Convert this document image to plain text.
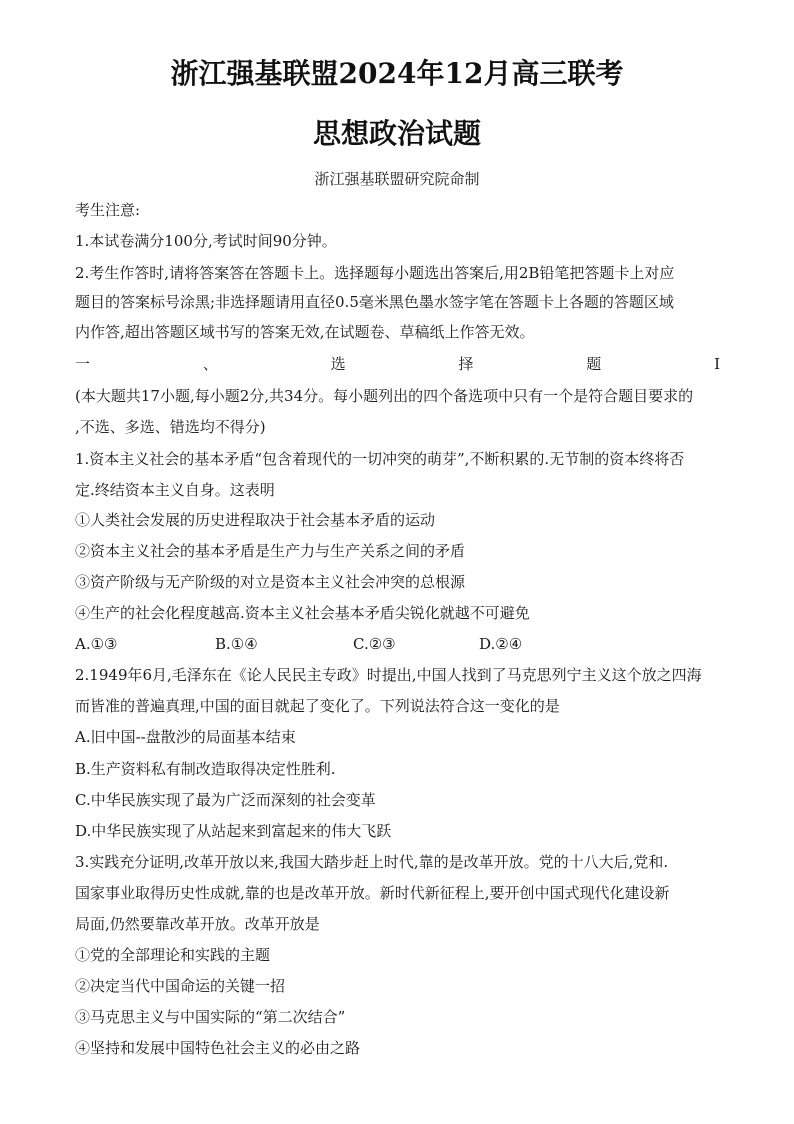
浙江强基联盟2024年12月高三联考
思想政治试题
浙江强基联盟研究院命制
考生注意:
1.本试卷满分100分,考试时间90分钟。
2.考生作答时,请将答案答在答题卡上。选择题每小题选出答案后,用2B铅笔把答题卡上对应
题目的答案标号涂黑;非选择题请用直径0.5毫米黑色墨水签字笔在答题卡上各题的答题区域
内作答,超出答题区域书写的答案无效,在试题卷、草稿纸上作答无效。
一	、	选	择	题	I
(本大题共17小题,每小题2分,共34分。每小题列出的四个备选项中只有一个是符合题目要求的
,不选、多选、错选均不得分)
1.资本主义社会的基本矛盾“包含着现代的一切冲突的萌芽”,不断积累的.无节制的资本终将否
定.终结资本主义自身。这表明
①人类社会发展的历史进程取决于社会基本矛盾的运动
②资本主义社会的基本矛盾是生产力与生产关系之间的矛盾
③资产阶级与无产阶级的对立是资本主义社会冲突的总根源
④生产的社会化程度越高.资本主义社会基本矛盾尖锐化就越不可避免
A.①③	B.①④	C.②③	D.②④
2.1949年6月,毛泽东在《论人民民主专政》时提出,中国人找到了马克思列宁主义这个放之四海
而皆准的普遍真理,中国的面目就起了变化了。下列说法符合这一变化的是
A.旧中国--盘散沙的局面基本结束
B.生产资料私有制改造取得决定性胜利.
C.中华民族实现了最为广泛而深刻的社会变革
D.中华民族实现了从站起来到富起来的伟大飞跃
3.实践充分证明,改革开放以来,我国大踏步赶上时代,靠的是改革开放。党的十八大后,党和.
国家事业取得历史性成就,靠的也是改革开放。新时代新征程上,要开创中国式现代化建设新
局面,仍然要靠改革开放。改革开放是
①党的全部理论和实践的主题
②决定当代中国命运的关键一招
③马克思主义与中国实际的“第二次结合”
④坚持和发展中国特色社会主义的必由之路
